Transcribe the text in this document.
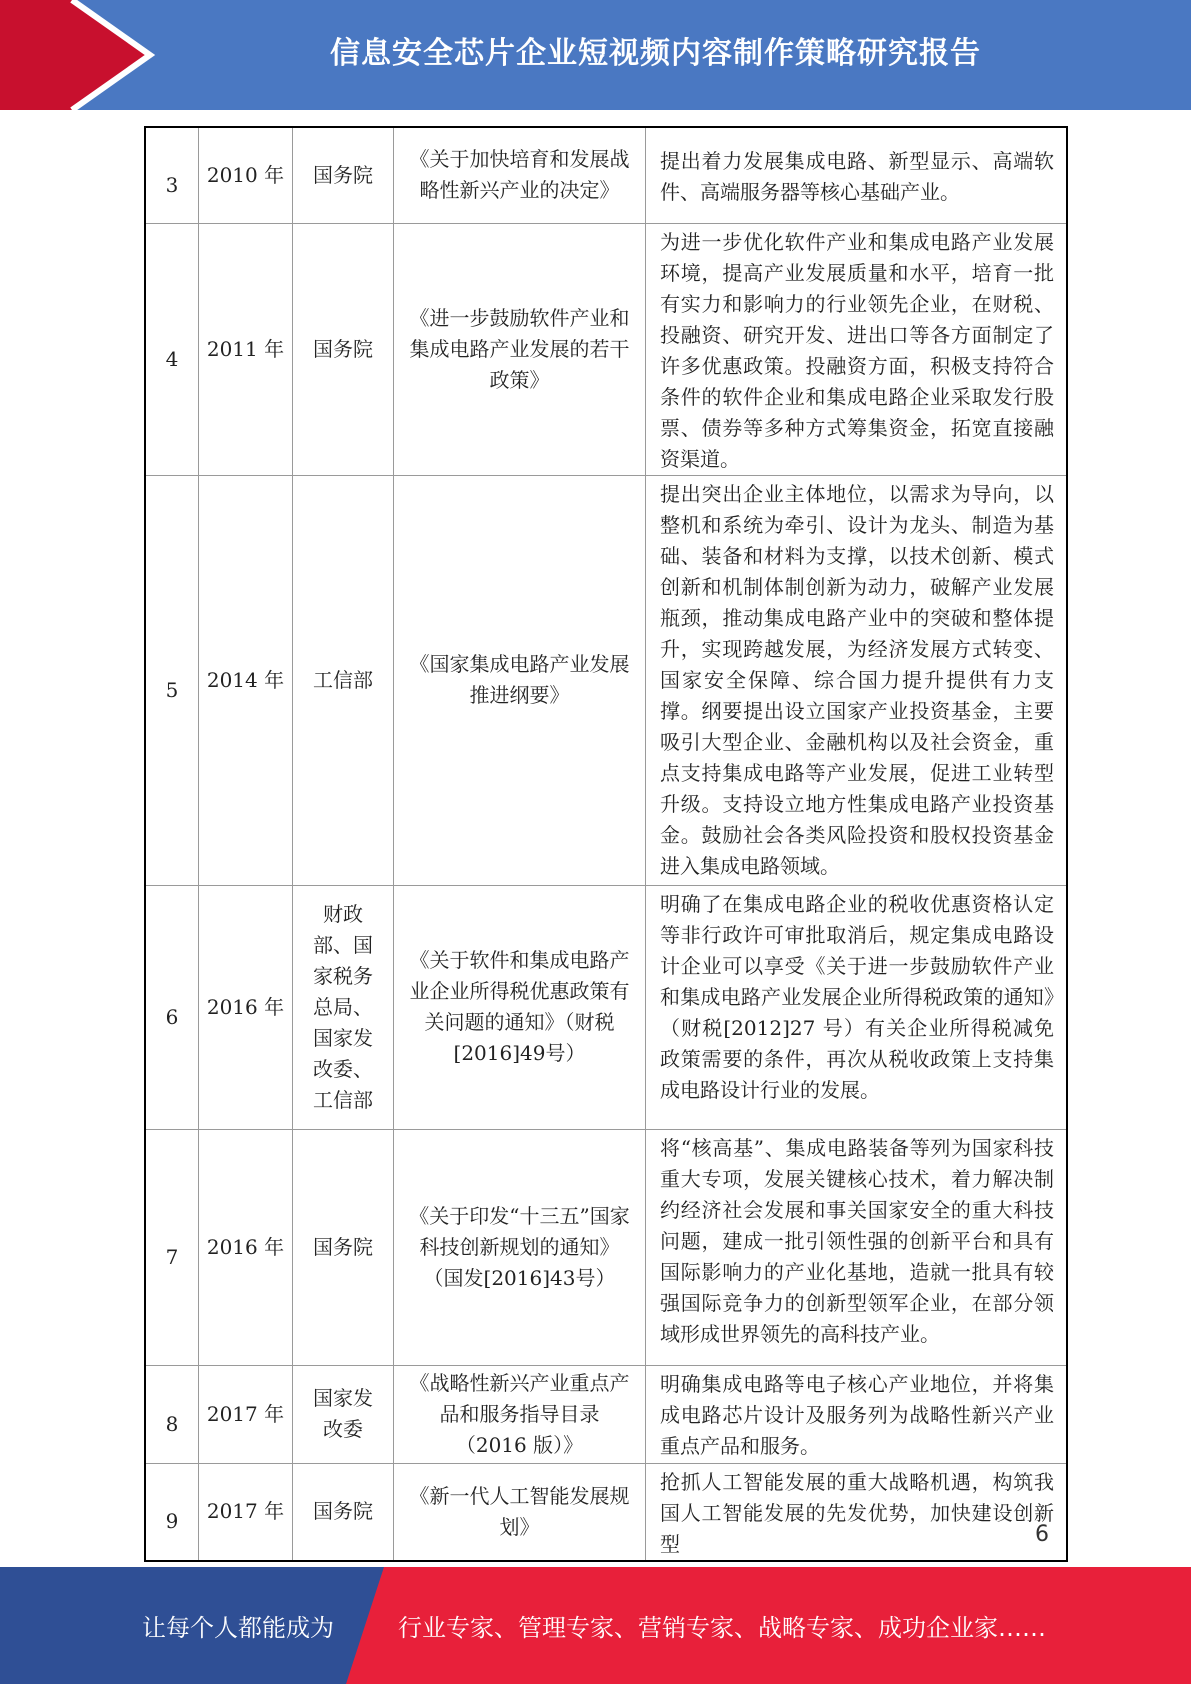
信息安全芯片企业短视频内容制作策略研究报告
3	2010 年	国务院	《关于加快培育和发展战略性新兴产业的决定》	提出着力发展集成电路、新型显示、高端软件、高端服务器等核心基础产业。

4	2011 年	国务院	《进一步鼓励软件产业和集成电路产业发展的若干政策》	为进一步优化软件产业和集成电路产业发展环境，提高产业发展质量和水平，培育一批有实力和影响力的行业领先企业，在财税、投融资、研究开发、进出口等各方面制定了许多优惠政策。投融资方面，积极支持符合条件的软件企业和集成电路企业采取发行股票、债券等多种方式筹集资金，拓宽直接融资渠道。

5	2014 年	工信部	《国家集成电路产业发展推进纲要》	提出突出企业主体地位，以需求为导向，以整机和系统为牵引、设计为龙头、制造为基础、装备和材料为支撑，以技术创新、模式创新和机制体制创新为动力，破解产业发展瓶颈，推动集成电路产业中的突破和整体提升，实现跨越发展，为经济发展方式转变、国家安全保障、综合国力提升提供有力支撑。纲要提出设立国家产业投资基金，主要吸引大型企业、金融机构以及社会资金，重点支持集成电路等产业发展，促进工业转型升级。支持设立地方性集成电路产业投资基金。鼓励社会各类风险投资和股权投资基金进入集成电路领域。

6	2016 年	财政部、国家税务总局、国家发改委、工信部	《关于软件和集成电路产业企业所得税优惠政策有关问题的通知》（财税[2016]49号）	明确了在集成电路企业的税收优惠资格认定等非行政许可审批取消后，规定集成电路设计企业可以享受《关于进一步鼓励软件产业和集成电路产业发展企业所得税政策的通知》（财税[2012]27 号）有关企业所得税减免政策需要的条件，再次从税收政策上支持集成电路设计行业的发展。

7	2016 年	国务院	《关于印发“十三五”国家科技创新规划的通知》（国发[2016]43号）	将“核高基”、集成电路装备等列为国家科技重大专项，发展关键核心技术，着力解决制约经济社会发展和事关国家安全的重大科技问题，建成一批引领性强的创新平台和具有国际影响力的产业化基地，造就一批具有较强国际竞争力的创新型领军企业，在部分领域形成世界领先的高科技产业。

8	2017 年	国家发改委	《战略性新兴产业重点产品和服务指导目录（2016 版）》	明确集成电路等电子核心产业地位，并将集成电路芯片设计及服务列为战略性新兴产业重点产品和服务。

9	2017 年	国务院	《新一代人工智能发展规划》	抢抓人工智能发展的重大战略机遇，构筑我国人工智能发展的先发优势，加快建设创新型	6
让每个人都能成为	行业专家、管理专家、营销专家、战略专家、成功企业家……
